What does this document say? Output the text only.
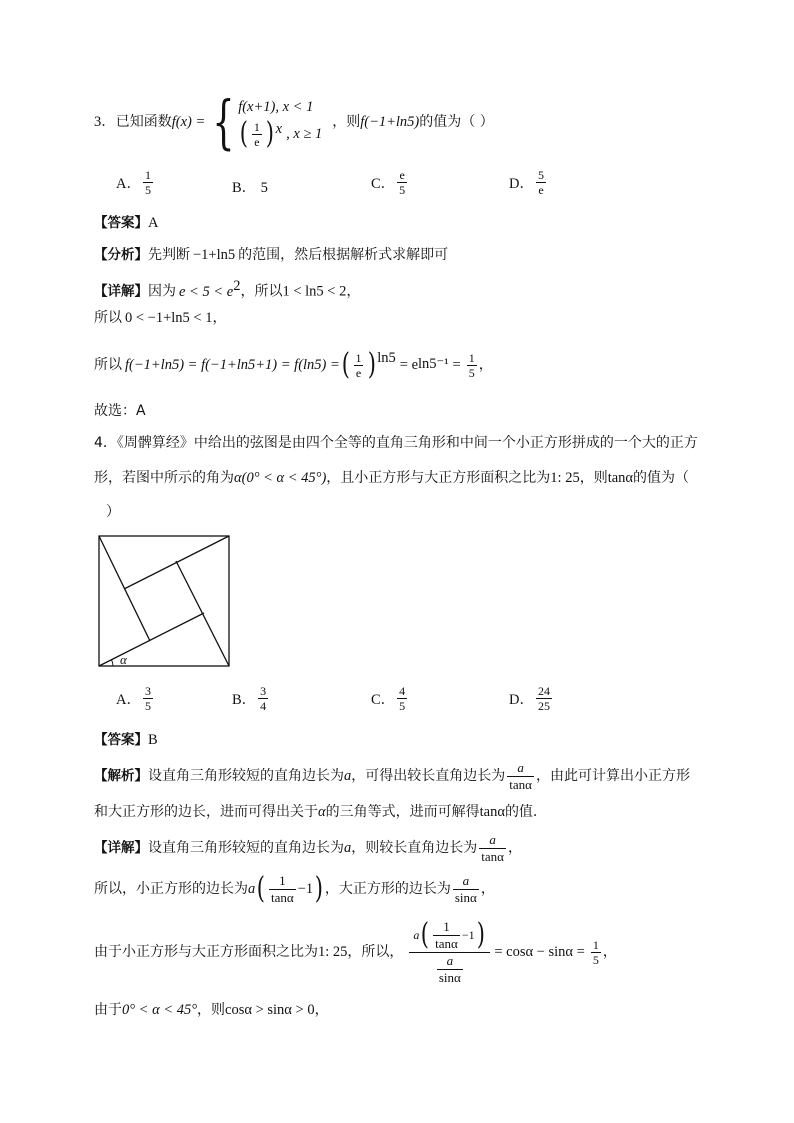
3． 已知函数 f(x) = { f(x+1), x < 1
( $\frac{1}{e}$ ) x , x ≥ 1
，则 f(−1+ln5) 的值为（ ）
A． $\frac{1}{5}$	B． 5	C． $\frac{e}{5}$	D． $\frac{5}{e}$
【答案】A
【分析】先判断 −1+ln5 的范围，然后根据解析式求解即可
【详解】因为 $e < 5 < e^2$，所以1 < ln5 < 2，
所以 0 < −1+ln5 < 1，
所以 f(−1+ln5) = f(−1+ln5+1) = f(ln5) = ( $\frac{1}{e}$ ) ln5 = e $\ln 5^{-1} = \frac{1}{5}$ ，
故选：A
4．《周髀算经》中给出的弦图是由四个全等的直角三角形和中间一个小正方形拼成的一个大的正方
形，若图中所示的角为α(0° < α < 45°)，且小正方形与大正方形面积之比为1: 25，则tanα的值为（
）
α
A． $\frac{3}{5}$	B． $\frac{3}{4}$	C． $\frac{4}{5}$	D． $\frac{24}{25}$
【答案】B
【解析】 设直角三角形较短的直角边长为 a ，可得出较长直角边长为 $\frac{a}{\tan\alpha}$ ，由此可计算出小正方形
和大正方形的边长，进而可得出关于α的三角等式，进而可解得tanα的值.
【详解】 设直角三角形较短的直角边长为 a ，则较长直角边长为 $\frac{a}{\tan\alpha}$ ，
所以，小正方形的边长为 a ( $\frac{1}{\tan\alpha} -1$ ) ，大正方形的边长为 $\frac{a}{\sin\alpha}$ ，
由于小正方形与大正方形面积之比为 1: 25 ，所以，
a ( $\frac{1}{\tan\alpha} -1$ )
$\frac{a}{\sin\alpha}$
= $\cos\alpha - \sin\alpha = \frac{1}{5}$ ，
由于0° < α < 45°，则cosα > sinα > 0，
